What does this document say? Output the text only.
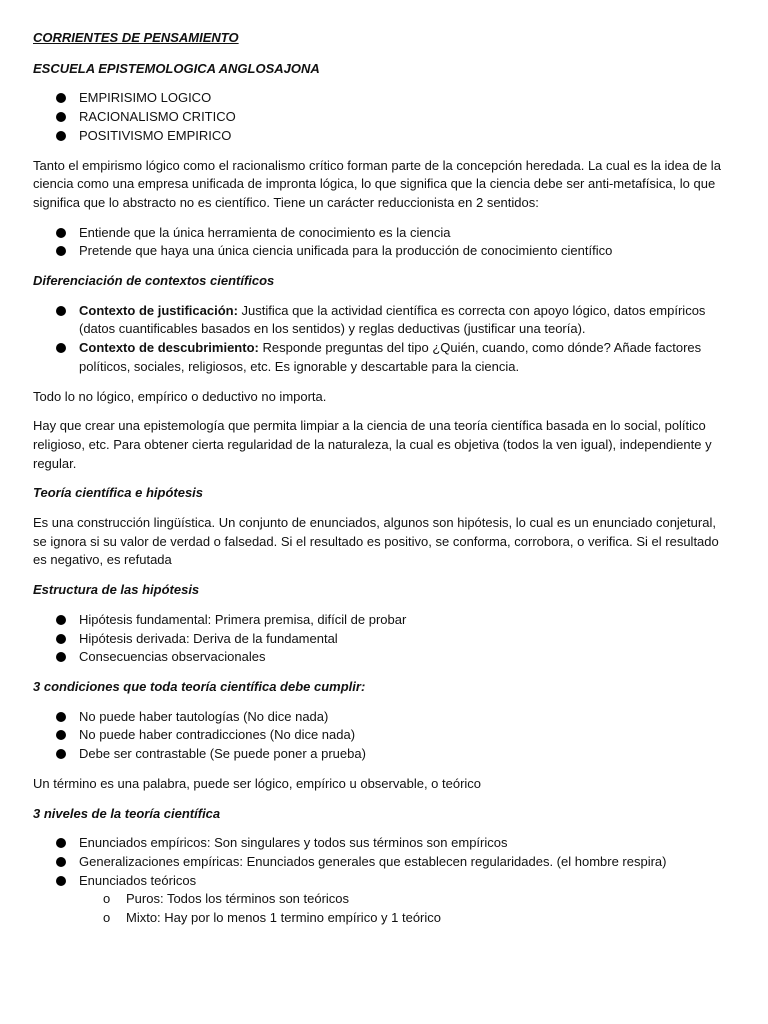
CORRIENTES DE PENSAMIENTO
ESCUELA EPISTEMOLOGICA ANGLOSAJONA
EMPIRISIMO LOGICO
RACIONALISMO CRITICO
POSITIVISMO EMPIRICO

Tanto el empirismo lógico como el racionalismo crítico forman parte de la concepción heredada. La cual es la idea de la ciencia como una empresa unificada de impronta lógica, lo que significa que la ciencia debe ser anti-metafísica, lo que significa que lo abstracto no es científico. Tiene un carácter reduccionista en 2 sentidos:

Entiende que la única herramienta de conocimiento es la ciencia
Pretende que haya una única ciencia unificada para la producción de conocimiento científico
Diferenciación de contextos científicos
Contexto de justificación: Justifica que la actividad científica es correcta con apoyo lógico, datos empíricos (datos cuantificables basados en los sentidos) y reglas deductivas (justificar una teoría).
Contexto de descubrimiento: Responde preguntas del tipo ¿Quién, cuando, como dónde? Añade factores políticos, sociales, religiosos, etc. Es ignorable y descartable para la ciencia.

Todo lo no lógico, empírico o deductivo no importa.

Hay que crear una epistemología que permita limpiar a la ciencia de una teoría científica basada en lo social, político religioso, etc. Para obtener cierta regularidad de la naturaleza, la cual es objetiva (todos la ven igual), independiente y regular.

Teoría científica e hipótesis

Es una construcción lingüística. Un conjunto de enunciados, algunos son hipótesis, lo cual es un enunciado conjetural, se ignora si su valor de verdad o falsedad. Si el resultado es positivo, se conforma, corrobora, o verifica. Si el resultado es negativo, es refutada

Estructura de las hipótesis
Hipótesis fundamental: Primera premisa, difícil de probar
Hipótesis derivada: Deriva de la fundamental
Consecuencias observacionales
3 condiciones que toda teoría científica debe cumplir:
No puede haber tautologías (No dice nada)
No puede haber contradicciones (No dice nada)
Debe ser contrastable (Se puede poner a prueba)

Un término es una palabra, puede ser lógico, empírico u observable, o teórico

3 niveles de la teoría científica
Enunciados empíricos: Son singulares y todos sus términos son empíricos
Generalizaciones empíricas: Enunciados generales que establecen regularidades. (el hombre respira)
Enunciados teóricos
o Puros: Todos los términos son teóricos
o Mixto: Hay por lo menos 1 termino empírico y 1 teórico
